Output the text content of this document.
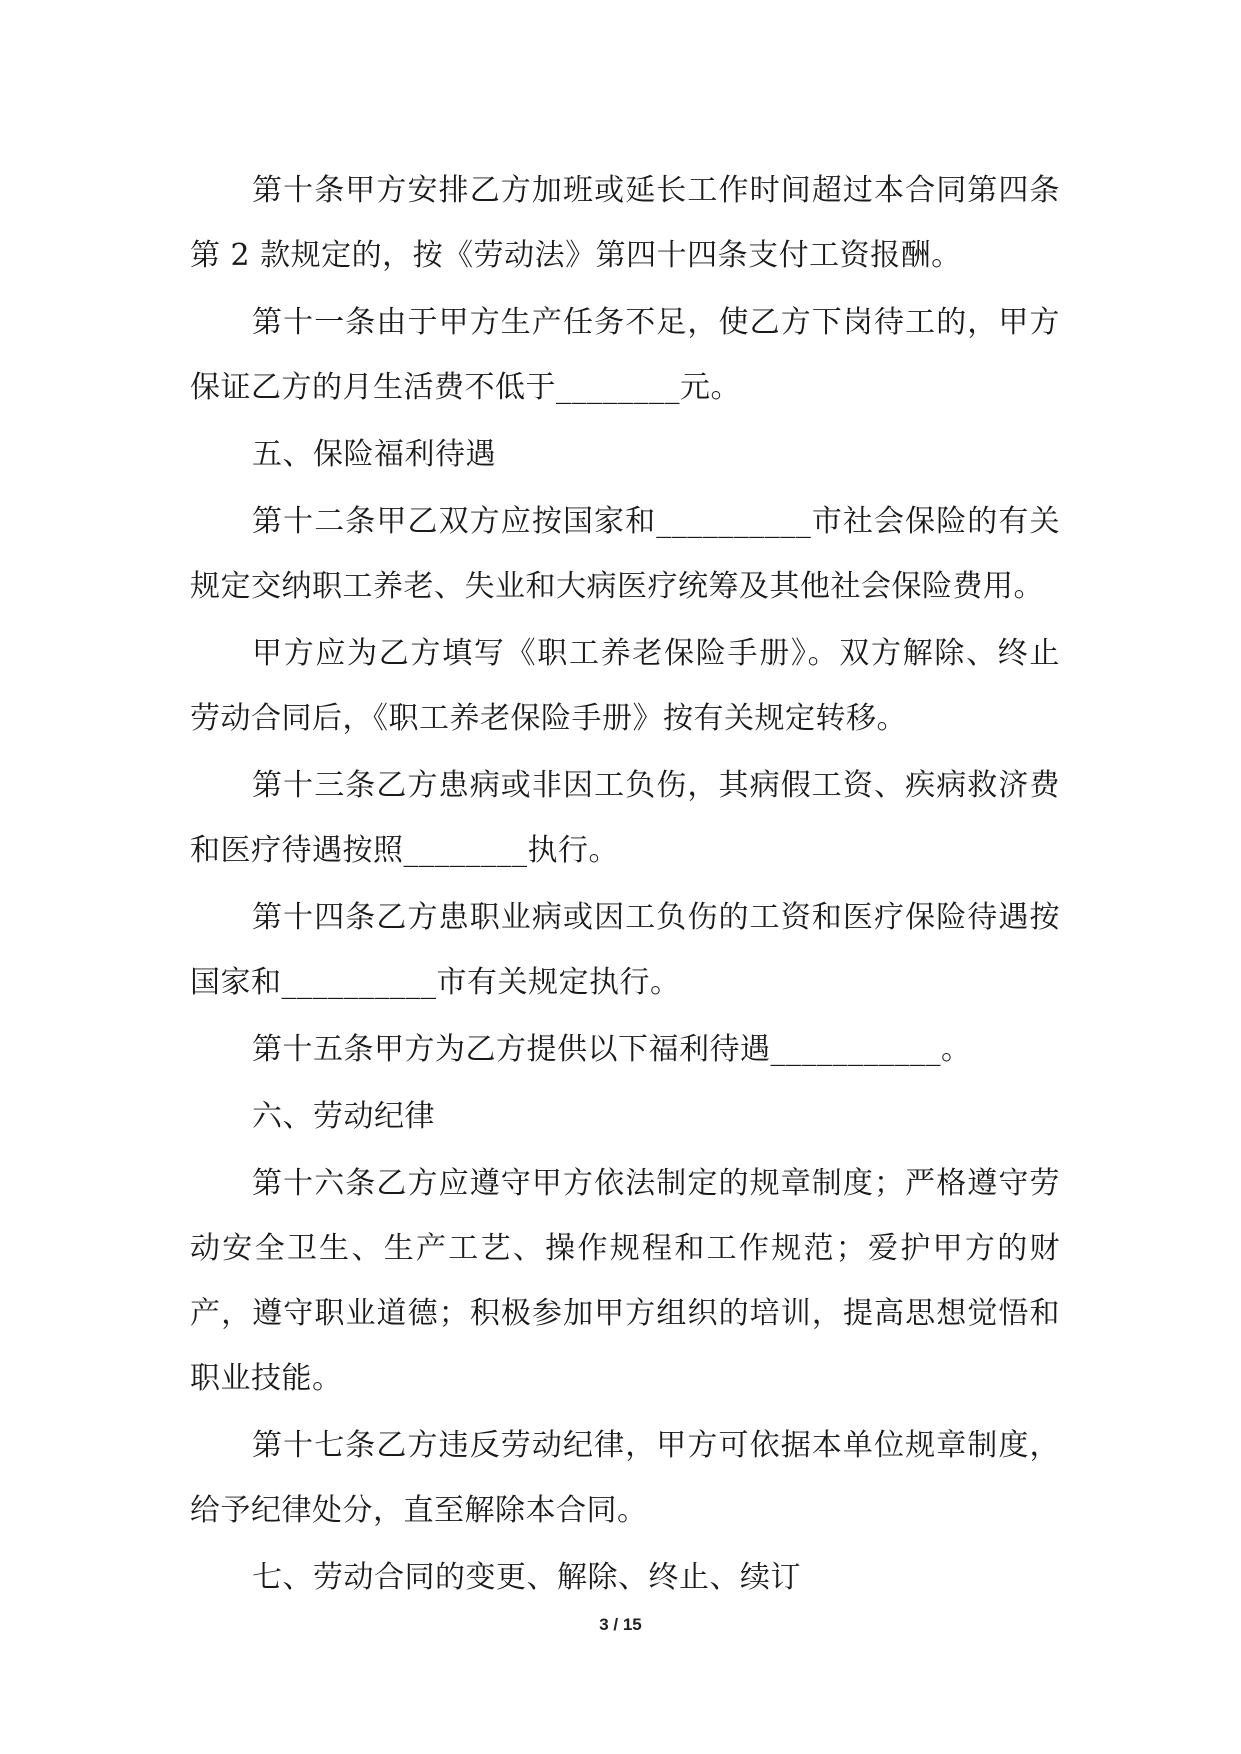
第十条甲方安排乙方加班或延长工作时间超过本合同第四条第 2 款规定的，按《劳动法》第四十四条支付工资报酬。

第十一条由于甲方生产任务不足，使乙方下岗待工的，甲方保证乙方的月生活费不低于________元。

五、保险福利待遇

第十二条甲乙双方应按国家和__________市社会保险的有关规定交纳职工养老、失业和大病医疗统筹及其他社会保险费用。

甲方应为乙方填写《职工养老保险手册》。双方解除、终止劳动合同后，《职工养老保险手册》按有关规定转移。

第十三条乙方患病或非因工负伤，其病假工资、疾病救济费和医疗待遇按照________执行。

第十四条乙方患职业病或因工负伤的工资和医疗保险待遇按国家和__________市有关规定执行。

第十五条甲方为乙方提供以下福利待遇___________。

六、劳动纪律

第十六条乙方应遵守甲方依法制定的规章制度；严格遵守劳动安全卫生、生产工艺、操作规程和工作规范；爱护甲方的财产，遵守职业道德；积极参加甲方组织的培训，提高思想觉悟和职业技能。

第十七条乙方违反劳动纪律，甲方可依据本单位规章制度，给予纪律处分，直至解除本合同。

七、劳动合同的变更、解除、终止、续订

3 / 15
